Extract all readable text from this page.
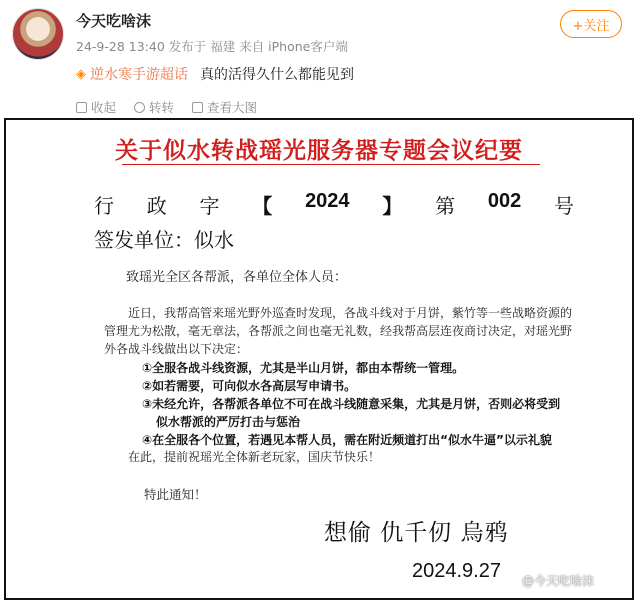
今天吃啥沫
24-9-28 13:40 发布于 福建 来自 iPhone客户端
+关注
◈ 逆水寒手游超话 真的活得久什么都能见到
收起	转转	查看大图
关于似水转战瑶光服务器专题会议纪要
行 政 字 【 2024 】 第 002 号
签发单位：似水
致瑶光全区各帮派，各单位全体人员：
近日，我帮高管来瑶光野外巡查时发现，各战斗线对于月饼，紫竹等一些战略资源的管理尤为松散，毫无章法，各帮派之间也毫无礼数，经我帮高层连夜商讨决定，对瑶光野外各战斗线做出以下决定：
①全服各战斗线资源，尤其是半山月饼，都由本帮统一管理。
②如若需要，可向似水各高层写申请书。
③未经允许，各帮派各单位不可在战斗线随意采集，尤其是月饼，否则必将受到
似水帮派的严厉打击与惩治
④在全服各个位置，若遇见本帮人员，需在附近频道打出“似水牛逼”以示礼貌
在此，提前祝瑶光全体新老玩家，国庆节快乐！
特此通知！
想偷 仇千仞 烏鸦
2024.9.27 @今天吃啥沫
